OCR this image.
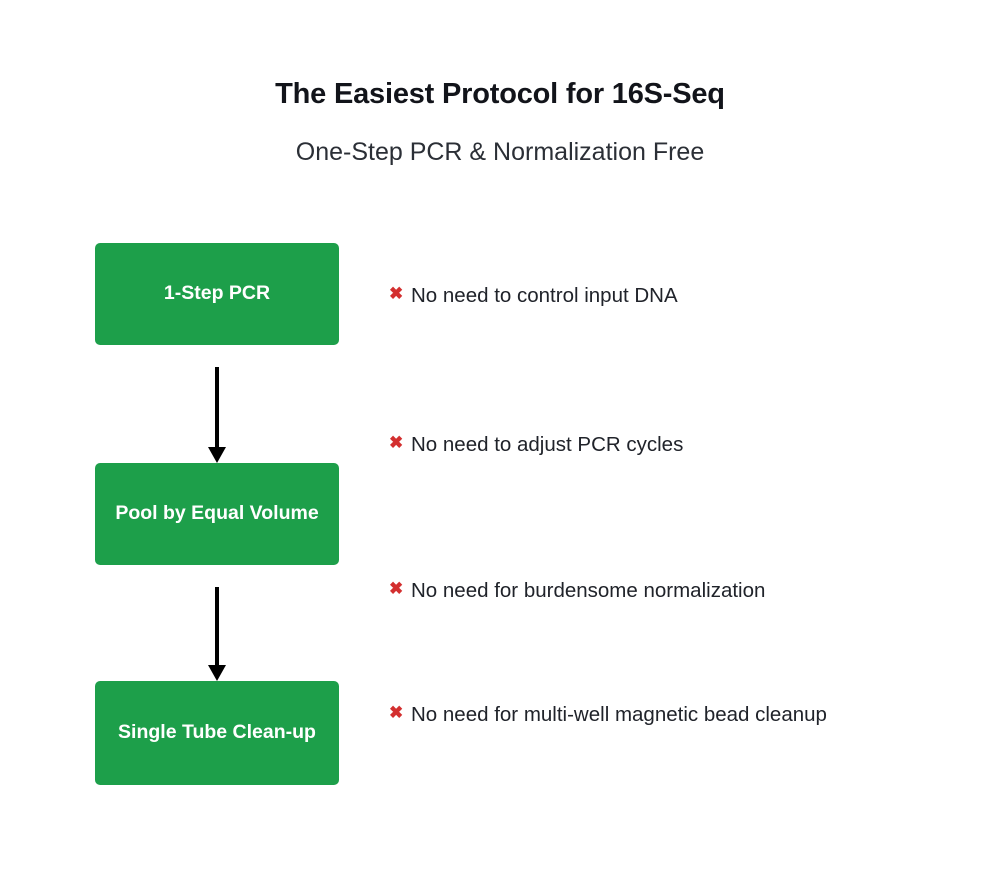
The Easiest Protocol for 16S-Seq
One-Step PCR & Normalization Free
1-Step PCR
Pool by Equal Volume
Single Tube Clean-up
✖ No need to control input DNA
✖ No need to adjust PCR cycles
✖ No need for burdensome normalization
✖ No need for multi-well magnetic bead cleanup
